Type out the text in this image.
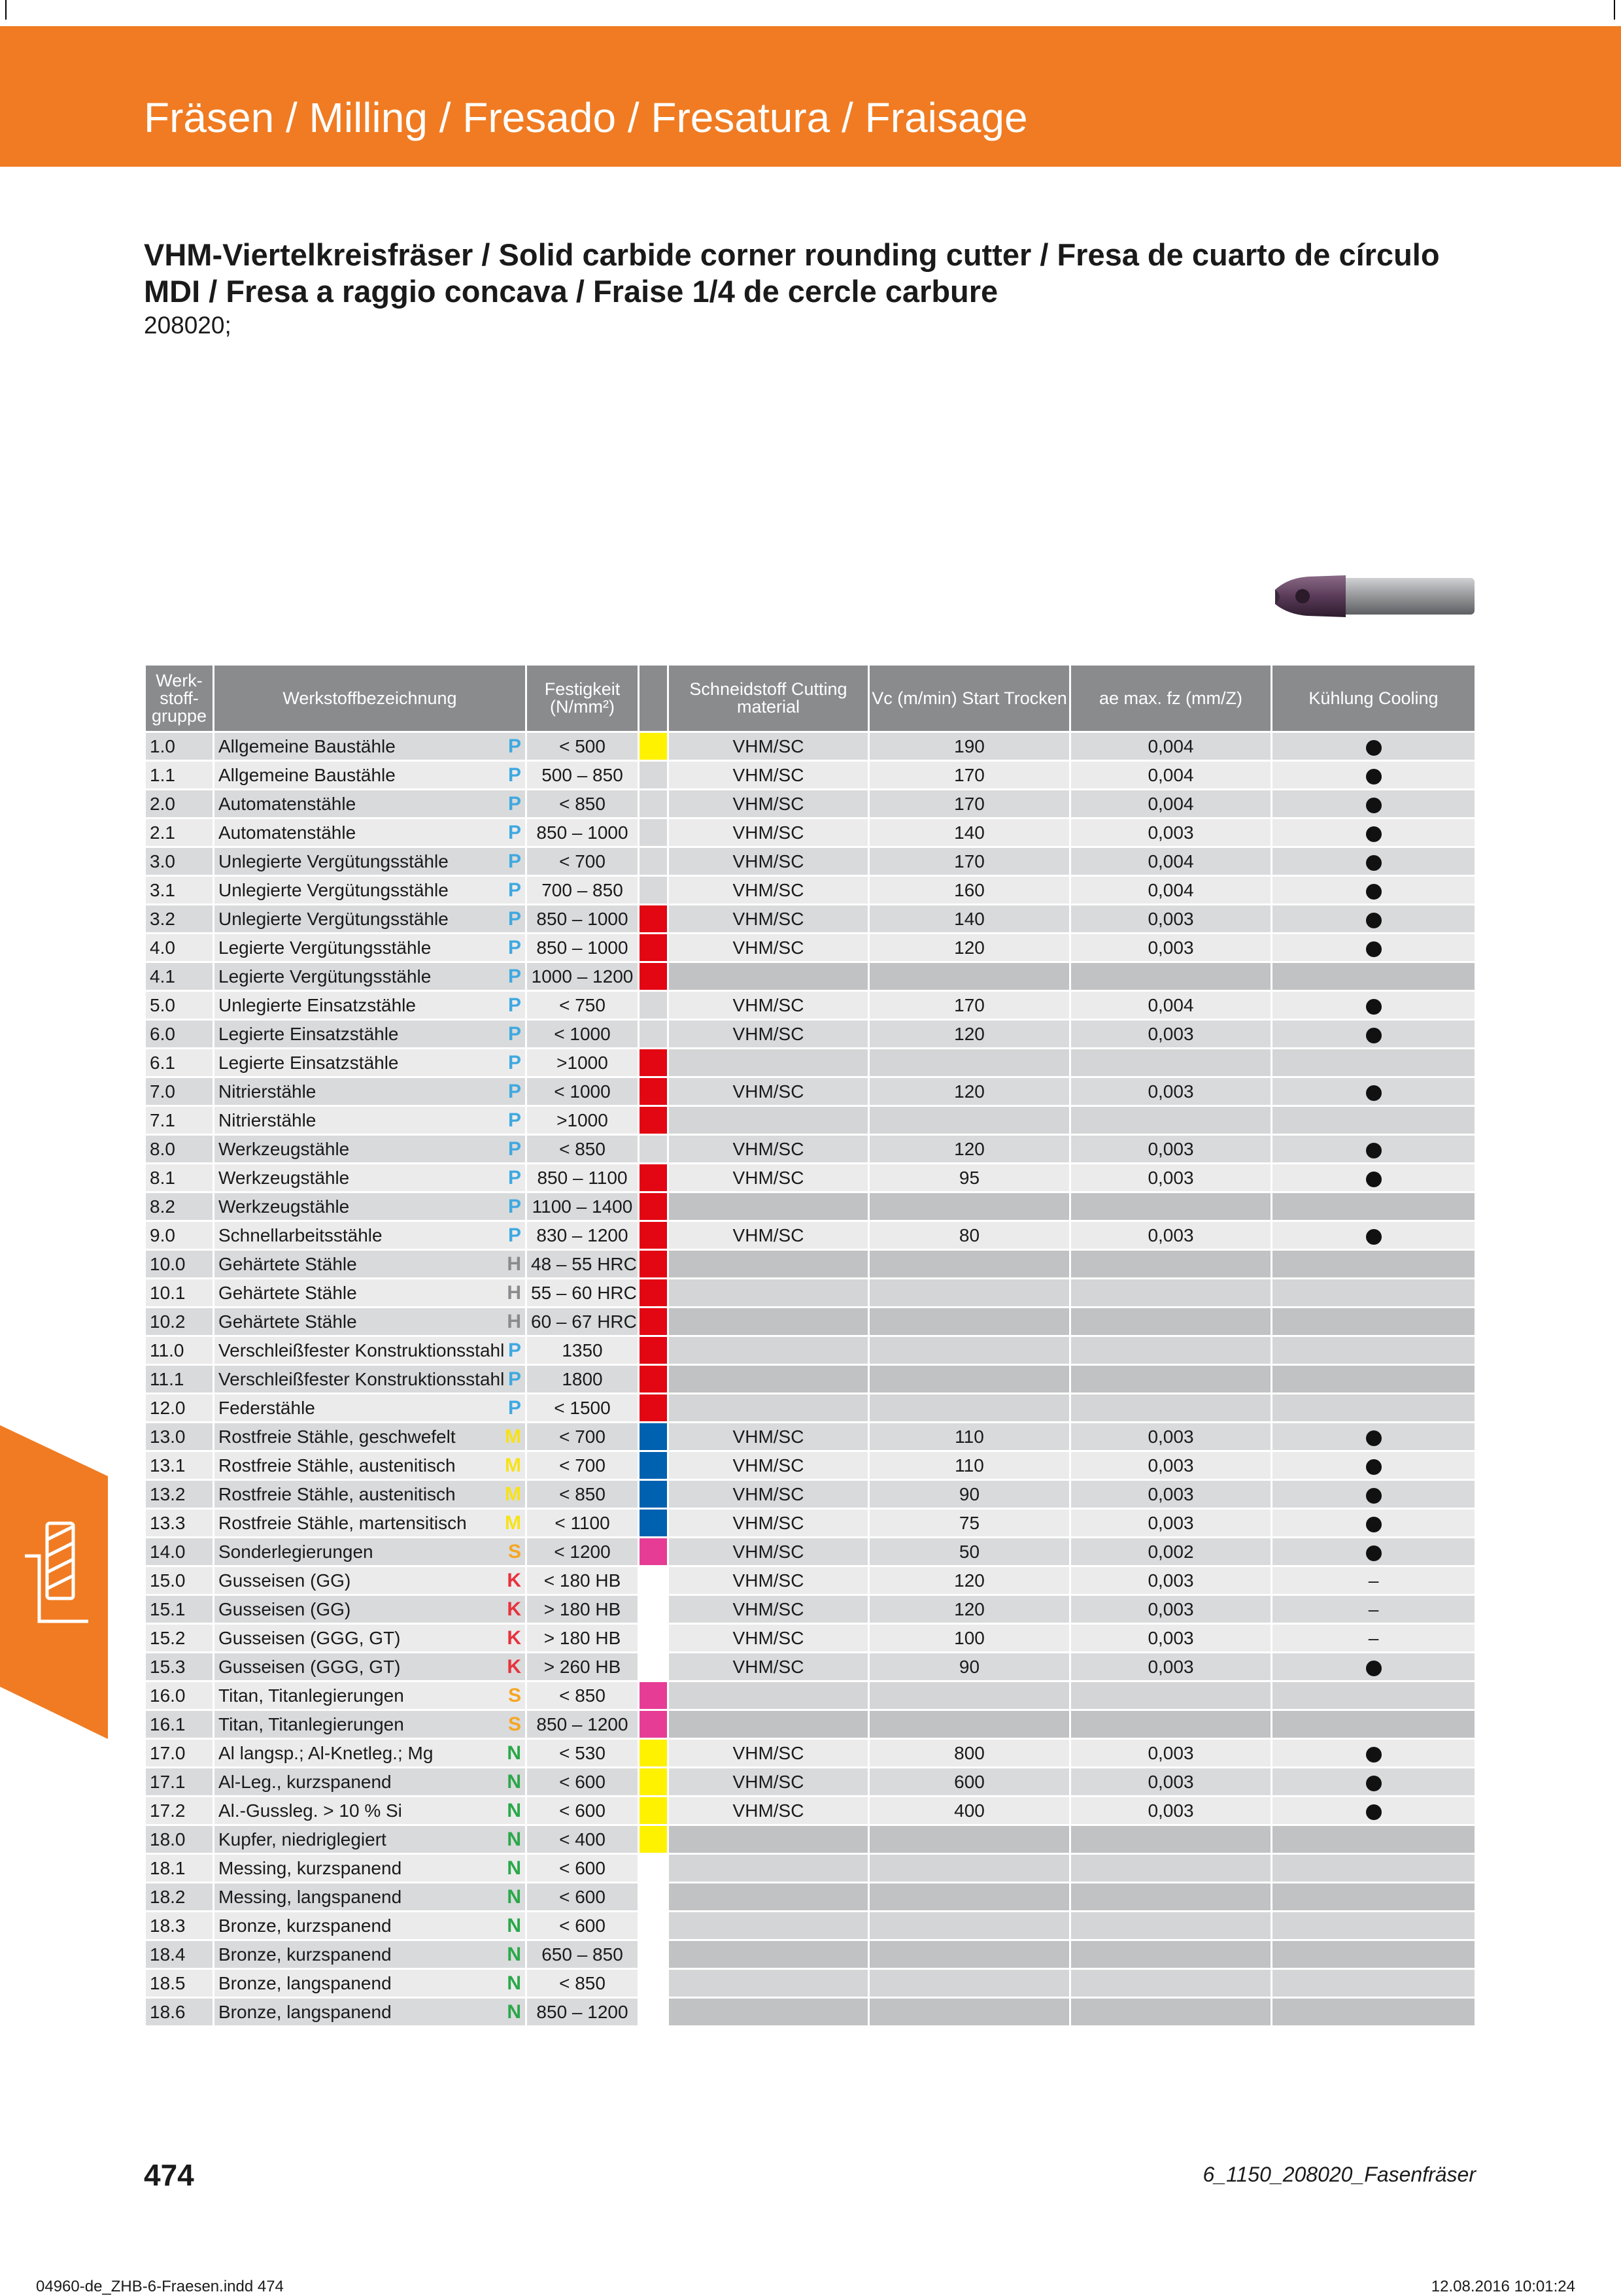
Fräsen / Milling / Fresado / Fresatura / Fraisage
VHM-Viertelkreisfräser / Solid carbide corner rounding cutter / Fresa de cuarto de círculo MDI / Fresa a raggio concava / Fraise 1/4 de cercle carbure
208020;
Werk-stoff-gruppe	Werkstoffbezeichnung	Festigkeit (N/mm²)		Schneidstoff Cutting material	Vc (m/min) Start Trocken	ae max. fz (mm/Z)	Kühlung Cooling
1.0	Allgemeine Baustähle P	< 500		VHM/SC	190	0,004	
1.1	Allgemeine Baustähle P	500 – 850		VHM/SC	170	0,004	
2.0	Automatenstähle P	< 850		VHM/SC	170	0,004	
2.1	Automatenstähle P	850 – 1000		VHM/SC	140	0,003	
3.0	Unlegierte Vergütungsstähle P	< 700		VHM/SC	170	0,004	
3.1	Unlegierte Vergütungsstähle P	700 – 850		VHM/SC	160	0,004	
3.2	Unlegierte Vergütungsstähle P	850 – 1000		VHM/SC	140	0,003	
4.0	Legierte Vergütungsstähle P	850 – 1000		VHM/SC	120	0,003	
4.1	Legierte Vergütungsstähle P	1000 – 1200					
5.0	Unlegierte Einsatzstähle P	< 750		VHM/SC	170	0,004	
6.0	Legierte Einsatzstähle P	< 1000		VHM/SC	120	0,003	
6.1	Legierte Einsatzstähle P	>1000					
7.0	Nitrierstähle P	< 1000		VHM/SC	120	0,003	
7.1	Nitrierstähle P	>1000					
8.0	Werkzeugstähle P	< 850		VHM/SC	120	0,003	
8.1	Werkzeugstähle P	850 – 1100		VHM/SC	95	0,003	
8.2	Werkzeugstähle P	1100 – 1400					
9.0	Schnellarbeitsstähle P	830 – 1200		VHM/SC	80	0,003	
10.0	Gehärtete Stähle H	48 – 55 HRC					
10.1	Gehärtete Stähle H	55 – 60 HRC					
10.2	Gehärtete Stähle H	60 – 67 HRC					
11.0	Verschleißfester Konstruktionsstahl P	1350					
11.1	Verschleißfester Konstruktionsstahl P	1800					
12.0	Federstähle P	< 1500					
13.0	Rostfreie Stähle, geschwefelt M	< 700		VHM/SC	110	0,003	
13.1	Rostfreie Stähle, austenitisch M	< 700		VHM/SC	110	0,003	
13.2	Rostfreie Stähle, austenitisch M	< 850		VHM/SC	90	0,003	
13.3	Rostfreie Stähle, martensitisch M	< 1100		VHM/SC	75	0,003	
14.0	Sonderlegierungen S	< 1200		VHM/SC	50	0,002	
15.0	Gusseisen (GG) K	< 180 HB		VHM/SC	120	0,003	–
15.1	Gusseisen (GG) K	> 180 HB		VHM/SC	120	0,003	–
15.2	Gusseisen (GGG, GT) K	> 180 HB		VHM/SC	100	0,003	–
15.3	Gusseisen (GGG, GT) K	> 260 HB		VHM/SC	90	0,003	
16.0	Titan, Titanlegierungen S	< 850					
16.1	Titan, Titanlegierungen S	850 – 1200					
17.0	Al langsp.; Al-Knetleg.; Mg N	< 530		VHM/SC	800	0,003	
17.1	Al-Leg., kurzspanend N	< 600		VHM/SC	600	0,003	
17.2	Al.-Gussleg. > 10 % Si N	< 600		VHM/SC	400	0,003	
18.0	Kupfer, niedriglegiert N	< 400					
18.1	Messing, kurzspanend N	< 600					
18.2	Messing, langspanend N	< 600					
18.3	Bronze, kurzspanend N	< 600					
18.4	Bronze, kurzspanend N	650 – 850					
18.5	Bronze, langspanend N	< 850					
18.6	Bronze, langspanend N	850 – 1200					
474	6_1150_208020_Fasenfräser
04960-de_ZHB-6-Fraesen.indd 474	12.08.2016 10:01:24
